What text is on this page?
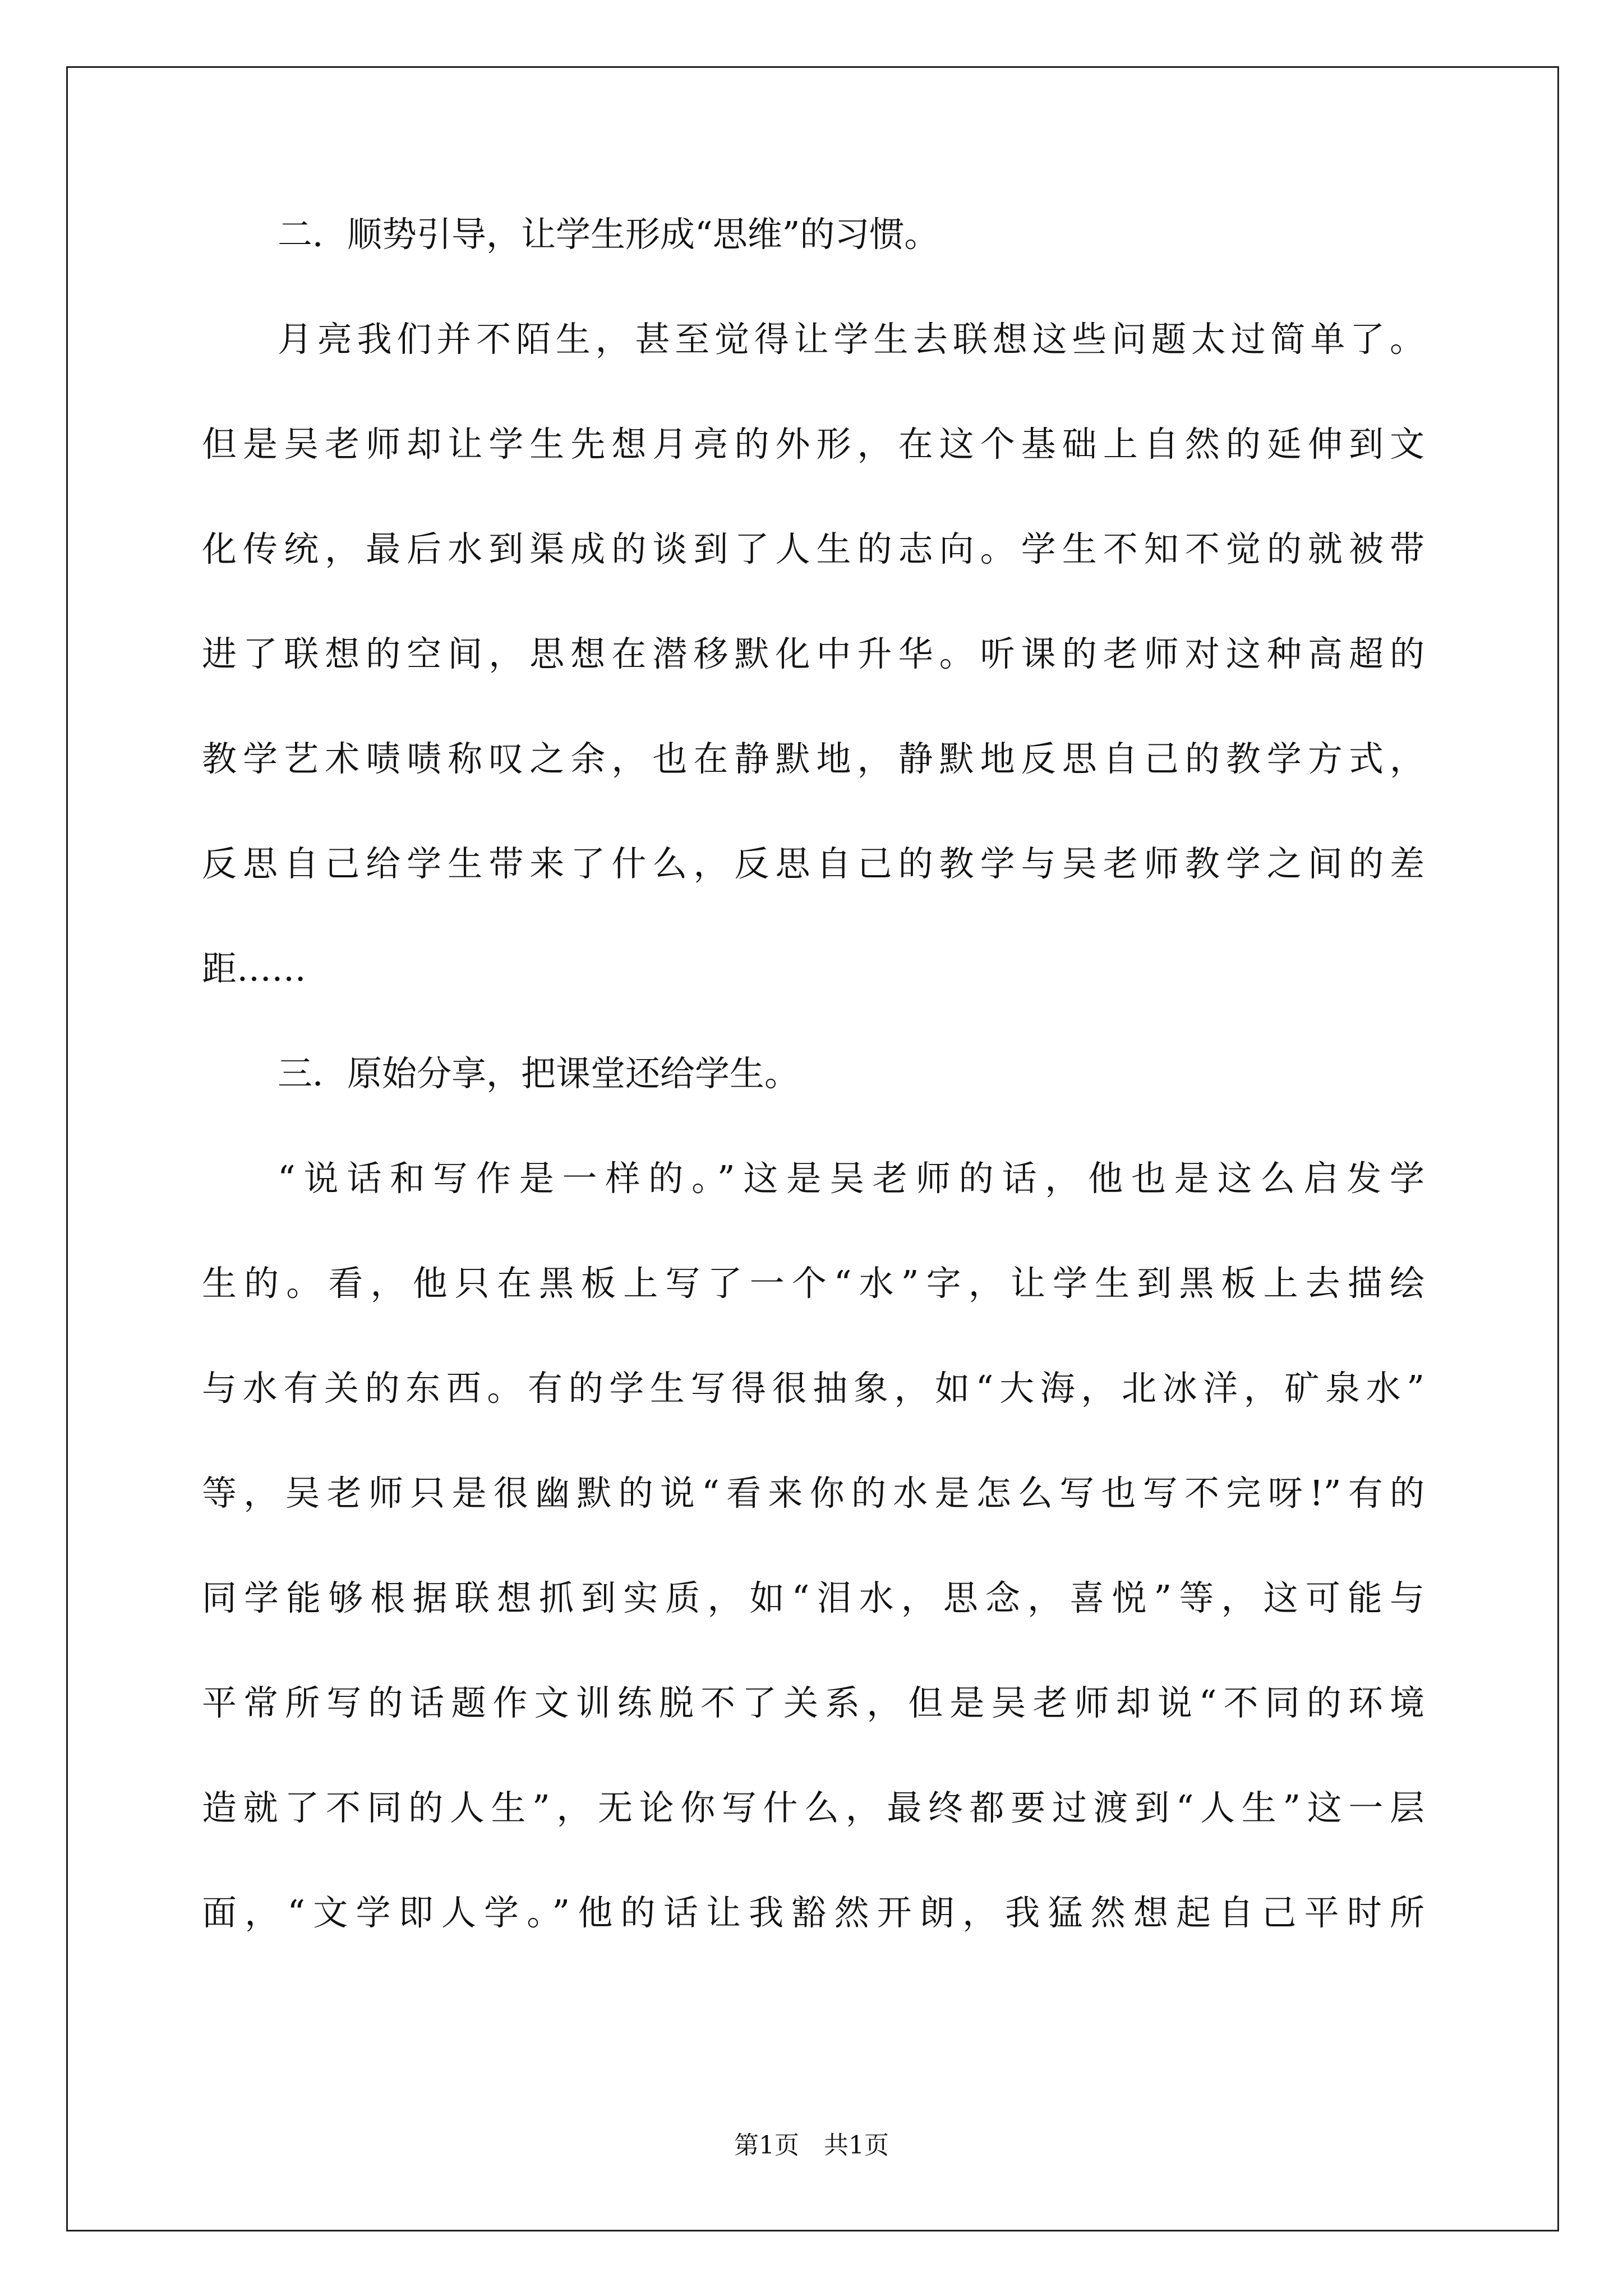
二．顺势引导，让学生形成“思维”的习惯。
月亮我们并不陌生，甚至觉得让学生去联想这些问题太过简单了。
但是吴老师却让学生先想月亮的外形，在这个基础上自然的延伸到文
化传统，最后水到渠成的谈到了人生的志向。学生不知不觉的就被带
进了联想的空间，思想在潜移默化中升华。听课的老师对这种高超的
教学艺术啧啧称叹之余，也在静默地，静默地反思自己的教学方式，
反思自己给学生带来了什么，反思自己的教学与吴老师教学之间的差
距……
三．原始分享，把课堂还给学生。
“说话和写作是一样的。”这是吴老师的话，他也是这么启发学
生的。看，他只在黑板上写了一个“水”字，让学生到黑板上去描绘
与水有关的东西。有的学生写得很抽象，如“大海，北冰洋，矿泉水”
等，吴老师只是很幽默的说“看来你的水是怎么写也写不完呀!”有的
同学能够根据联想抓到实质，如“泪水，思念，喜悦”等，这可能与
平常所写的话题作文训练脱不了关系，但是吴老师却说“不同的环境
造就了不同的人生”，无论你写什么，最终都要过渡到“人生”这一层
面，“文学即人学。”他的话让我豁然开朗，我猛然想起自己平时所
第1页　共1页
